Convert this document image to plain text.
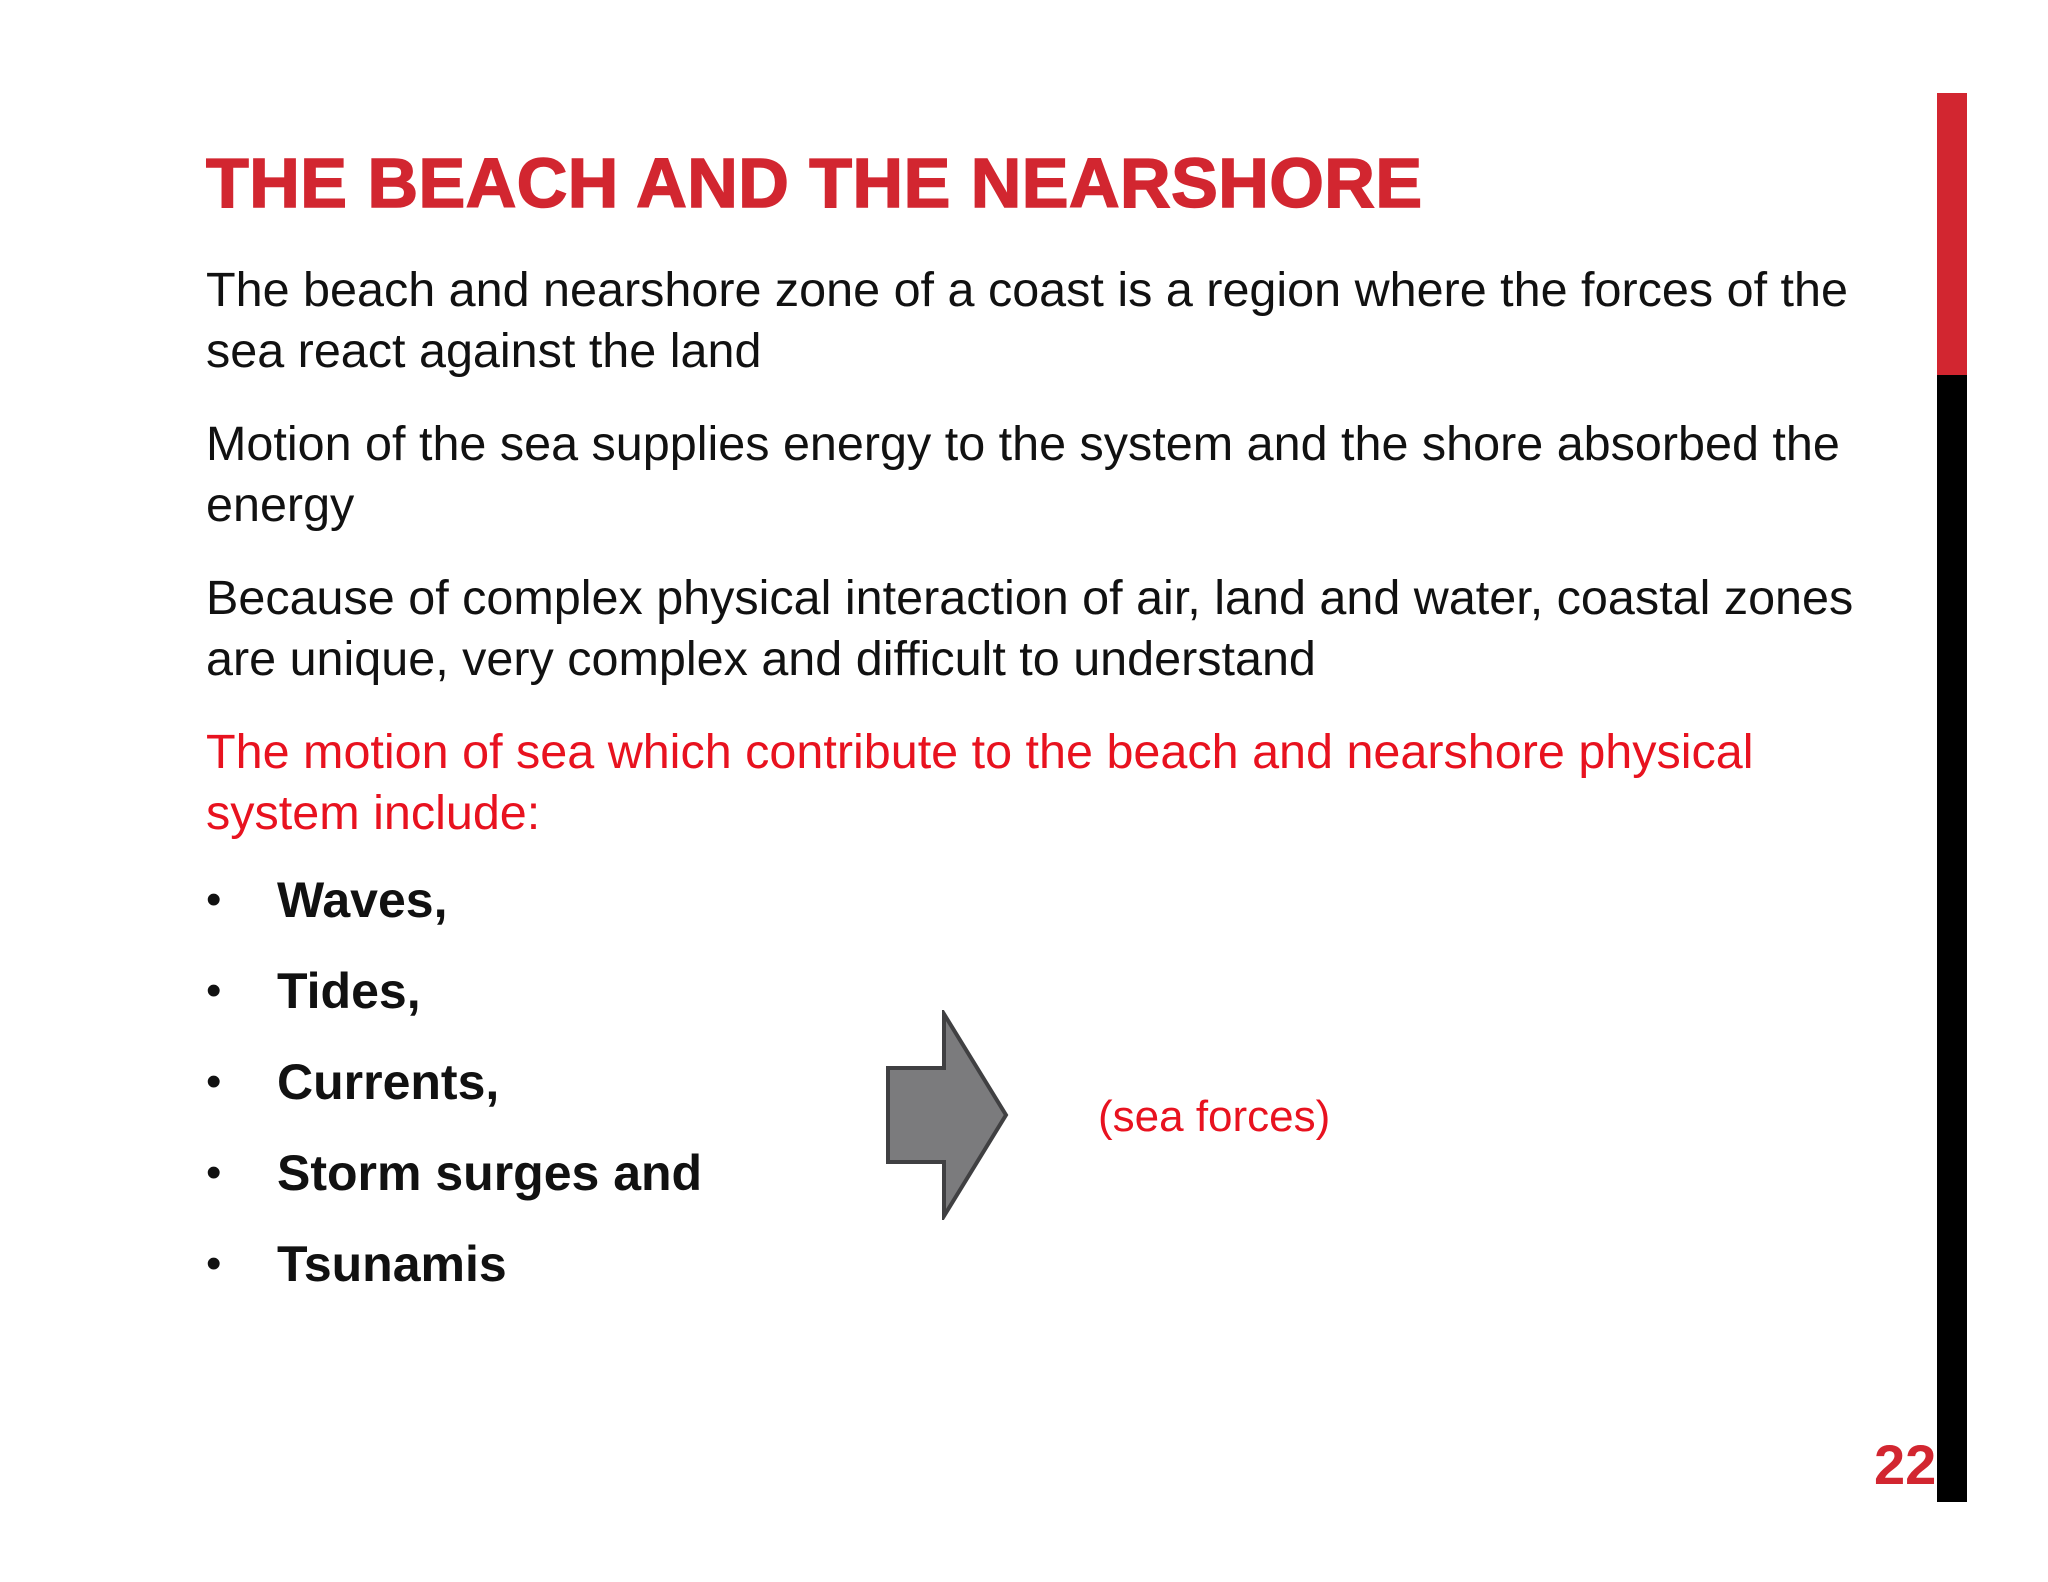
THE BEACH AND THE NEARSHORE

The beach and nearshore zone of a coast is a region where the forces of the sea react against the land

Motion of the sea supplies energy to the system and the shore absorbed the energy

Because of complex physical interaction of air, land and water, coastal zones are unique, very complex and difficult to understand

The motion of sea which contribute to the beach and nearshore physical system include:

• Waves,
• Tides,
• Currents,
• Storm surges and
• Tsunamis
(sea forces)
22
